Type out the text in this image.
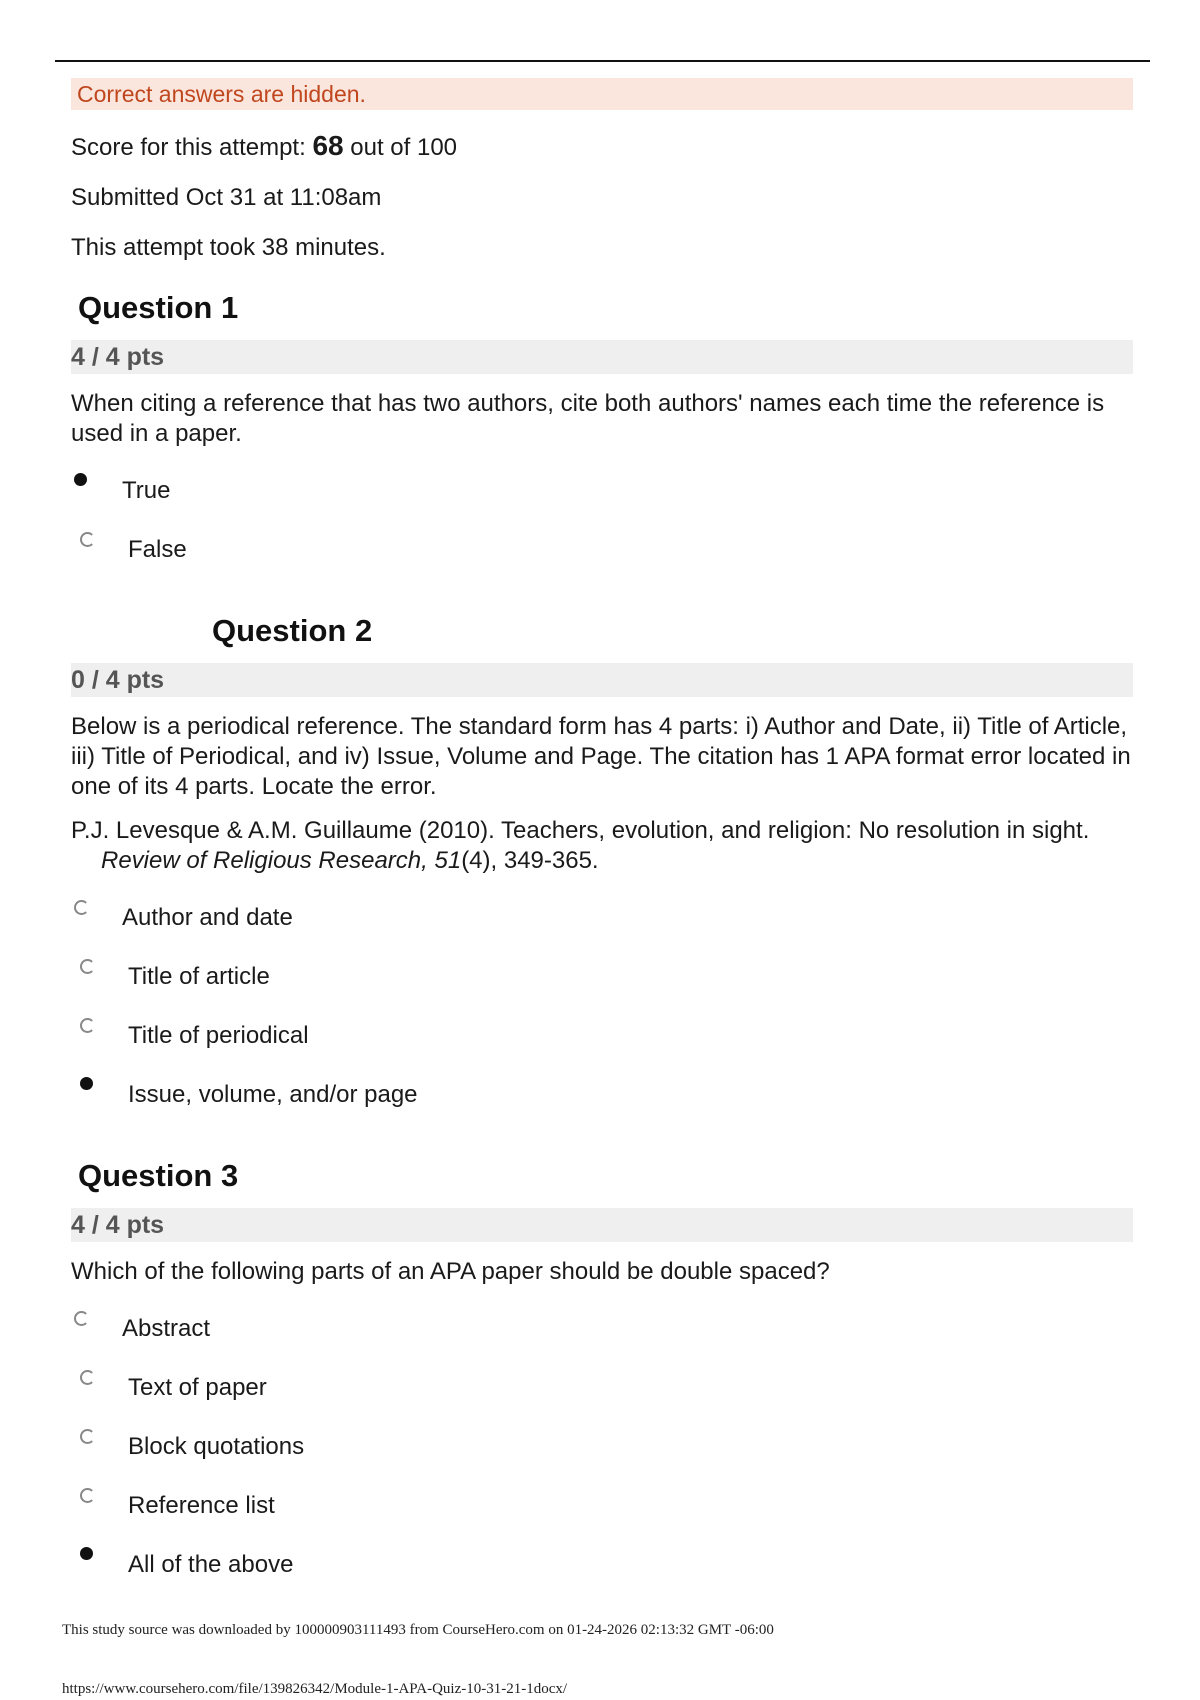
Correct answers are hidden.
Score for this attempt: 68 out of 100
Submitted Oct 31 at 11:08am
This attempt took 38 minutes.
Question 1
4 / 4 pts
When citing a reference that has two authors, cite both authors' names each time the reference is used in a paper.
True
False
Question 2
0 / 4 pts
Below is a periodical reference. The standard form has 4 parts: i) Author and Date, ii) Title of Article, iii) Title of Periodical, and iv) Issue, Volume and Page. The citation has 1 APA format error located in one of its 4 parts. Locate the error.
P.J. Levesque & A.M. Guillaume (2010). Teachers, evolution, and religion: No resolution in sight. Review of Religious Research, 51(4), 349-365.
Author and date
Title of article
Title of periodical
Issue, volume, and/or page
Question 3
4 / 4 pts
Which of the following parts of an APA paper should be double spaced?
Abstract
Text of paper
Block quotations
Reference list
All of the above
This study source was downloaded by 100000903111493 from CourseHero.com on 01-24-2026 02:13:32 GMT -06:00
https://www.coursehero.com/file/139826342/Module-1-APA-Quiz-10-31-21-1docx/
